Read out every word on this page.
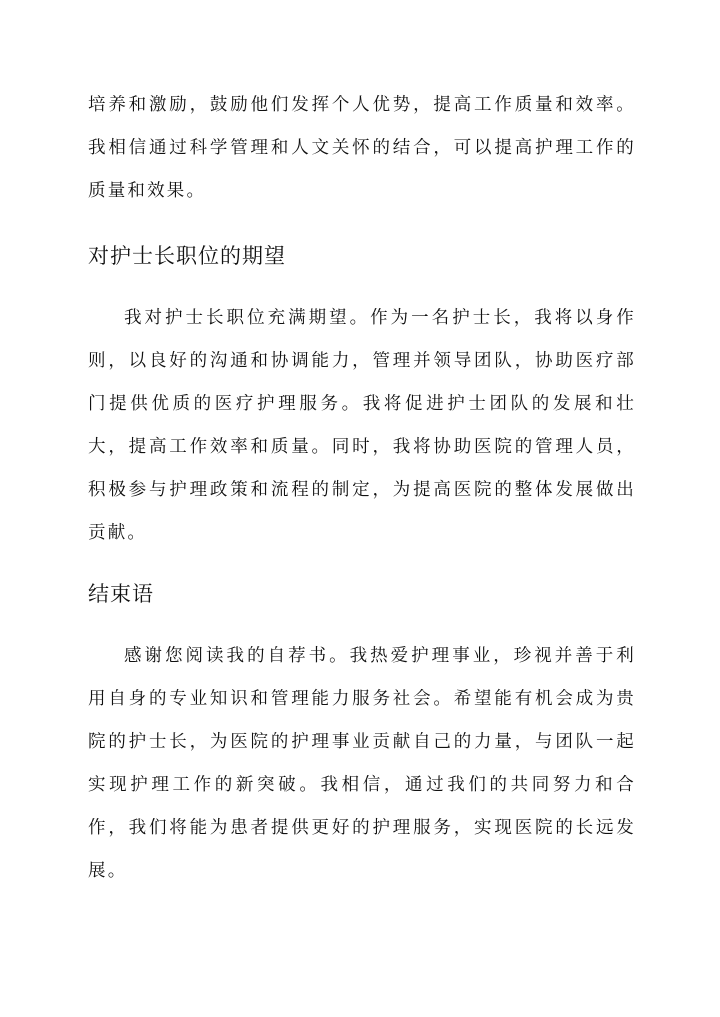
培养和激励，鼓励他们发挥个人优势，提高工作质量和效率。我相信通过科学管理和人文关怀的结合，可以提高护理工作的质量和效果。

对护士长职位的期望

我对护士长职位充满期望。作为一名护士长，我将以身作则，以良好的沟通和协调能力，管理并领导团队，协助医疗部门提供优质的医疗护理服务。我将促进护士团队的发展和壮大，提高工作效率和质量。同时，我将协助医院的管理人员，积极参与护理政策和流程的制定，为提高医院的整体发展做出贡献。

结束语

感谢您阅读我的自荐书。我热爱护理事业，珍视并善于利用自身的专业知识和管理能力服务社会。希望能有机会成为贵院的护士长，为医院的护理事业贡献自己的力量，与团队一起实现护理工作的新突破。我相信，通过我们的共同努力和合作，我们将能为患者提供更好的护理服务，实现医院的长远发展。
